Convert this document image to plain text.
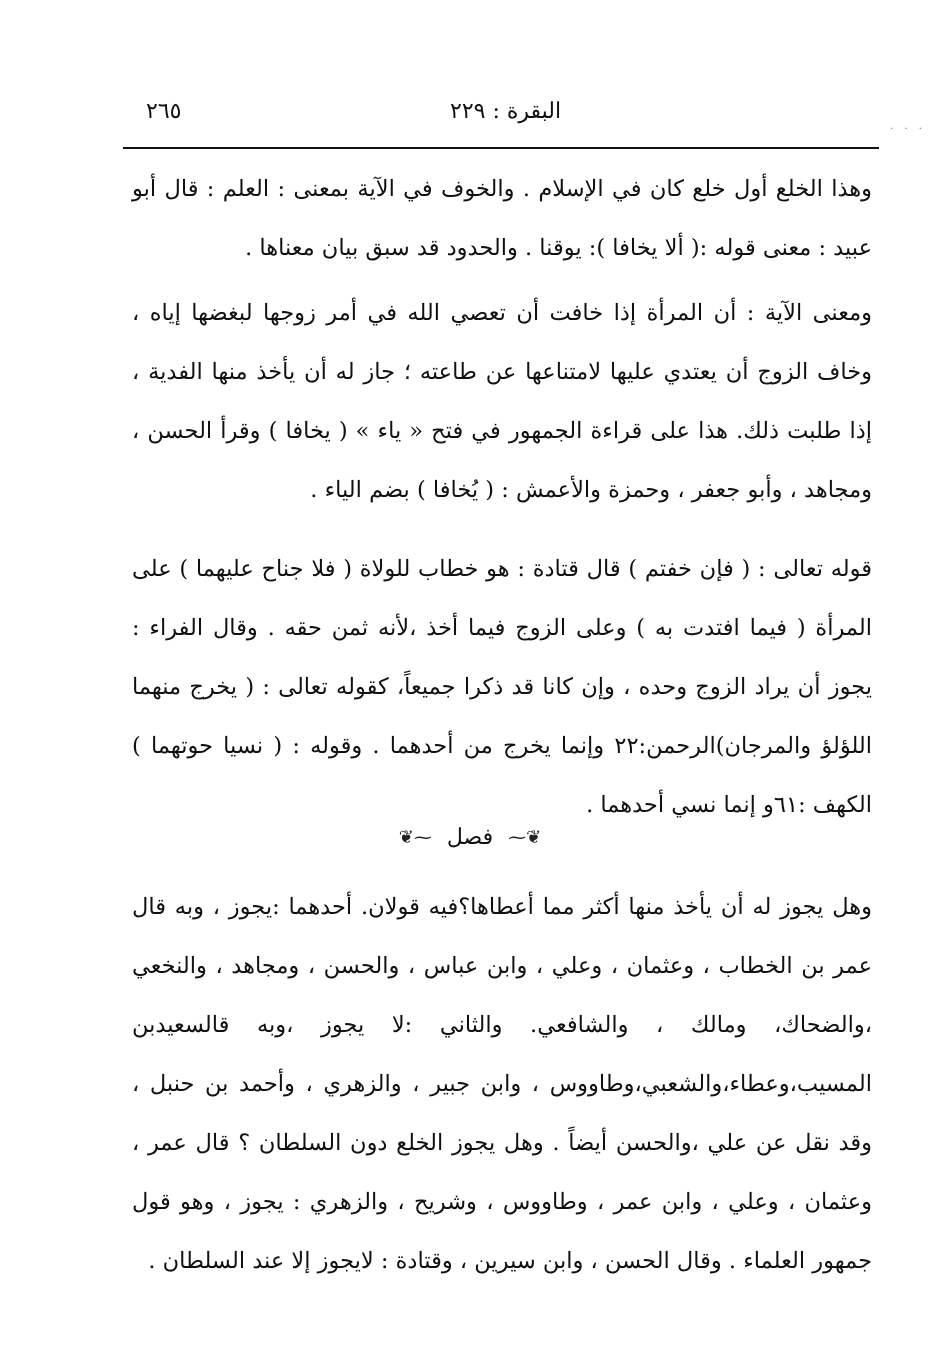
٢٦٥	البقرة : ٢٢٩

وهذا الخلع أول خلع كان في الإسلام . والخوف في الآية بمعنى : العلم : قال أبو عبيد : معنى قوله :( ألا يخافا ): يوقنا . والحدود قد سبق بيان معناها .

ومعنى الآية : أن المرأة إذا خافت أن تعصي الله في أمر زوجها لبغضها إياه ، وخاف الزوج أن يعتدي عليها لامتناعها عن طاعته ؛ جاز له أن يأخذ منها الفدية ، إذا طلبت ذلك. هذا على قراءة الجمهور في فتح « ياء » ( يخافا ) وقرأ الحسن ، ومجاهد ، وأبو جعفر ، وحمزة والأعمش : ( يُخافا ) بضم الياء .

قوله تعالى : ( فإن خفتم ) قال قتادة : هو خطاب للولاة ( فلا جناح عليهما ) على المرأة ( فيما افتدت به ) وعلى الزوج فيما أخذ ،لأنه ثمن حقه . وقال الفراء : يجوز أن يراد الزوج وحده ، وإن كانا قد ذكرا جميعاً، كقوله تعالى : ( يخرج منهما اللؤلؤ والمرجان)الرحمن:٢٢ وإنما يخرج من أحدهما . وقوله : ( نسيا حوتهما ) الكهف :٦١و إنما نسي أحدهما .

❦⁓ فصل ⁓❦

وهل يجوز له أن يأخذ منها أكثر مما أعطاها؟فيه قولان. أحدهما :يجوز ، وبه قال عمر بن الخطاب ، وعثمان ، وعلي ، وابن عباس ، والحسن ، ومجاهد ، والنخعي ،والضحاك، ومالك ، والشافعي. والثاني :لا يجوز ،وبه قالسعيدبن المسيب،وعطاء،والشعبي،وطاووس ، وابن جبير ، والزهري ، وأحمد بن حنبل ، وقد نقل عن علي ،والحسن أيضاً . وهل يجوز الخلع دون السلطان ؟ قال عمر ، وعثمان ، وعلي ، وابن عمر ، وطاووس ، وشريح ، والزهري : يجوز ، وهو قول جمهور العلماء . وقال الحسن ، وابن سيرين ، وقتادة : لايجوز إلا عند السلطان .

· · ·
